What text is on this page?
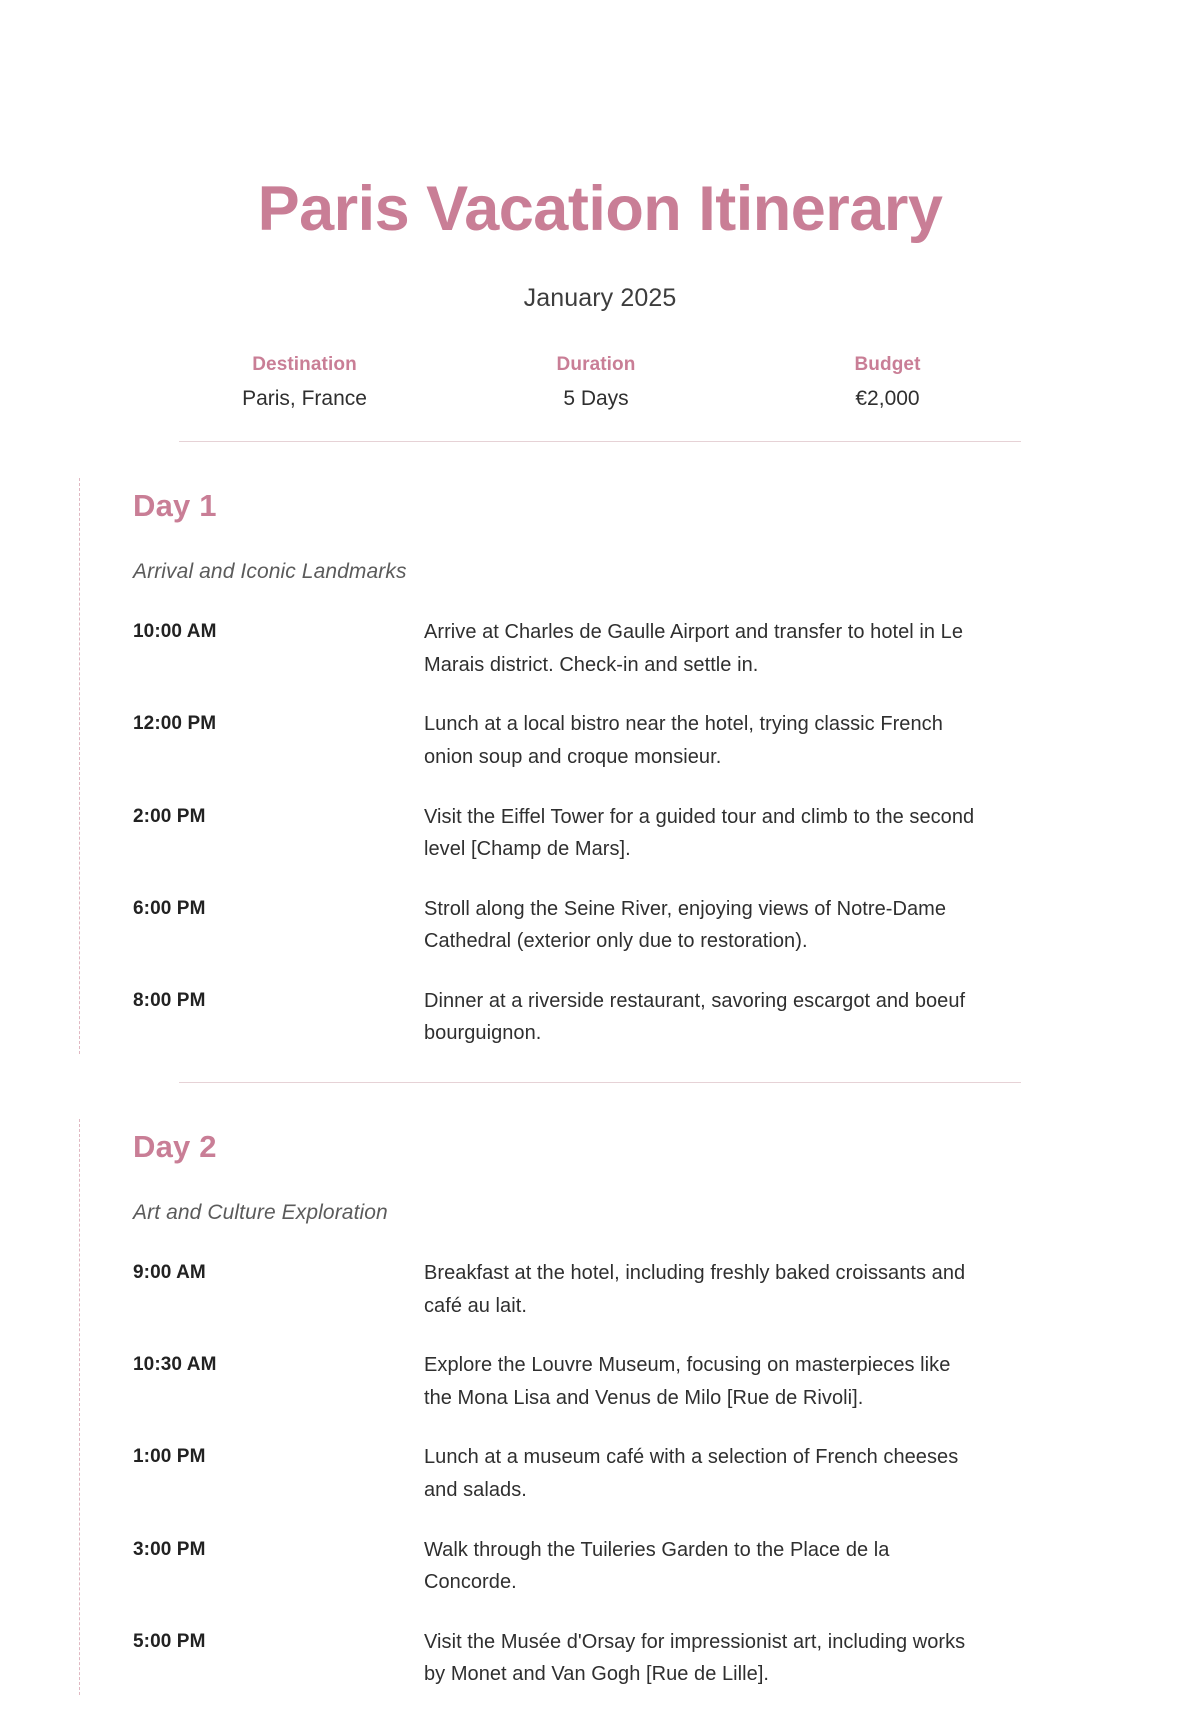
Paris Vacation Itinerary
January 2025
Destination
Paris, France
Duration
5 Days
Budget
€2,000
Day 1
Arrival and Iconic Landmarks
10:00 AM	Arrive at Charles de Gaulle Airport and transfer to hotel in Le Marais district. Check-in and settle in.
12:00 PM	Lunch at a local bistro near the hotel, trying classic French onion soup and croque monsieur.
2:00 PM	Visit the Eiffel Tower for a guided tour and climb to the second level [Champ de Mars].
6:00 PM	Stroll along the Seine River, enjoying views of Notre-Dame Cathedral (exterior only due to restoration).
8:00 PM	Dinner at a riverside restaurant, savoring escargot and boeuf bourguignon.
Day 2
Art and Culture Exploration
9:00 AM	Breakfast at the hotel, including freshly baked croissants and café au lait.
10:30 AM	Explore the Louvre Museum, focusing on masterpieces like the Mona Lisa and Venus de Milo [Rue de Rivoli].
1:00 PM	Lunch at a museum café with a selection of French cheeses and salads.
3:00 PM	Walk through the Tuileries Garden to the Place de la Concorde.
5:00 PM	Visit the Musée d'Orsay for impressionist art, including works by Monet and Van Gogh [Rue de Lille].
